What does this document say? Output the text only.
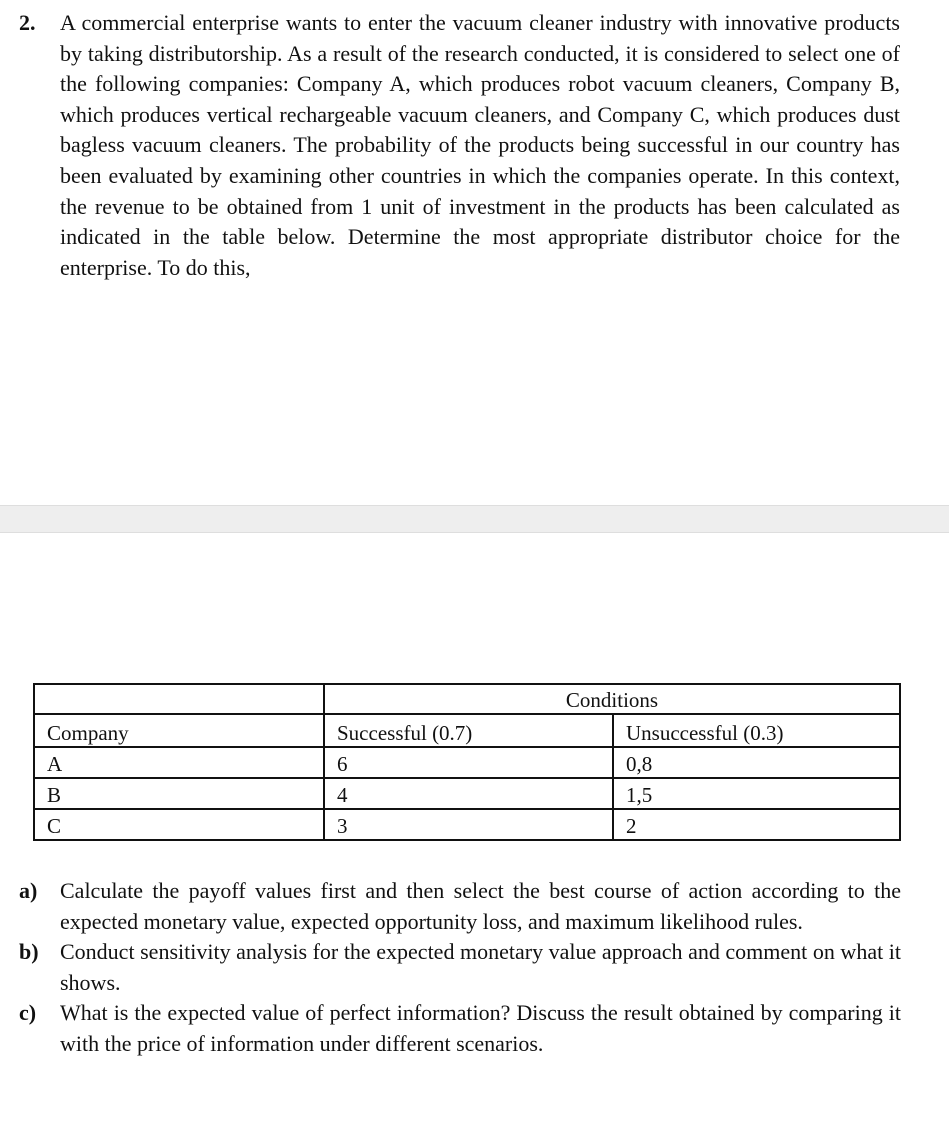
2. A commercial enterprise wants to enter the vacuum cleaner industry with innovative products by taking distributorship. As a result of the research conducted, it is considered to select one of the following companies: Company A, which produces robot vacuum cleaners, Company B, which produces vertical rechargeable vacuum cleaners, and Company C, which produces dust bagless vacuum cleaners. The probability of the products being successful in our country has been evaluated by examining other countries in which the companies operate. In this context, the revenue to be obtained from 1 unit of investment in the products has been calculated as indicated in the table below. Determine the most appropriate distributor choice for the enterprise. To do this,
	Conditions	
Company	Successful (0.7)	Unsuccessful (0.3)
A	6	0,8
B	4	1,5
C	3	2
a) Calculate the payoff values first and then select the best course of action according to the expected monetary value, expected opportunity loss, and maximum likelihood rules.
b) Conduct sensitivity analysis for the expected monetary value approach and comment on what it shows.
c) What is the expected value of perfect information? Discuss the result obtained by comparing it with the price of information under different scenarios.
